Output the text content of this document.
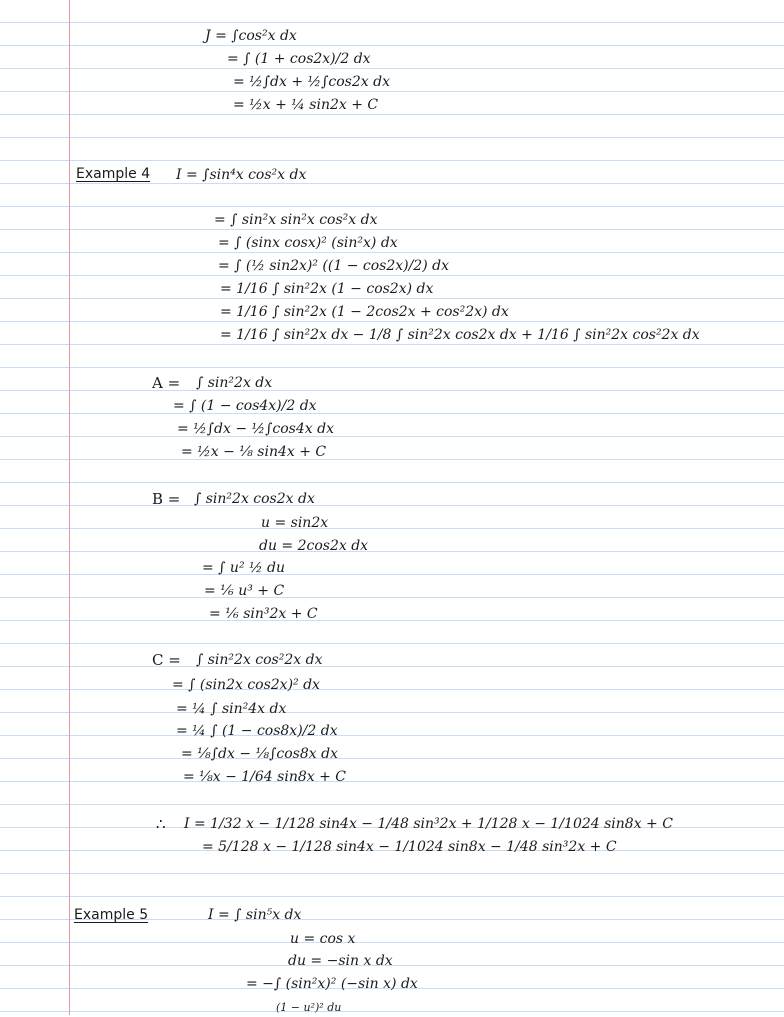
J = ∫cos²x dx
= ∫ (1 + cos2x)/2 dx
= ½∫dx + ½∫cos2x dx
= ½x + ¼ sin2x + C
Example 4 I = ∫sin⁴x cos²x dx
= ∫ sin²x sin²x cos²x dx
= ∫ (sinx cosx)² (sin²x) dx
= ∫ (½ sin2x)² ((1 − cos2x)/2) dx
= 1/16 ∫ sin²2x (1 − cos2x) dx
= 1/16 ∫ sin²2x (1 − 2cos2x + cos²2x) dx
= 1/16 ∫ sin²2x dx − 1/8 ∫ sin²2x cos2x dx + 1/16 ∫ sin²2x cos²2x dx
A = ∫ sin²2x dx
= ∫ (1 − cos4x)/2 dx
= ½∫dx − ½∫cos4x dx
= ½x − ⅛ sin4x + C
B = ∫ sin²2x cos2x dx
u = sin2x
du = 2cos2x dx
= ∫ u² ½ du
= ⅙ u³ + C
= ⅙ sin³2x + C
C = ∫ sin²2x cos²2x dx
= ∫ (sin2x cos2x)² dx
= ¼ ∫ sin²4x dx
= ¼ ∫ (1 − cos8x)/2 dx
= ⅛∫dx − ⅛∫cos8x dx
= ⅛x − 1/64 sin8x + C
∴ I = 1/32 x − 1/128 sin4x − 1/48 sin³2x + 1/128 x − 1/1024 sin8x + C
= 5/128 x − 1/128 sin4x − 1/1024 sin8x − 1/48 sin³2x + C
Example 5	I = ∫ sin⁵x dx
u = cos x
du = −sin x dx
= −∫ (sin²x)² (−sin x) dx
(1 − u²)² du
